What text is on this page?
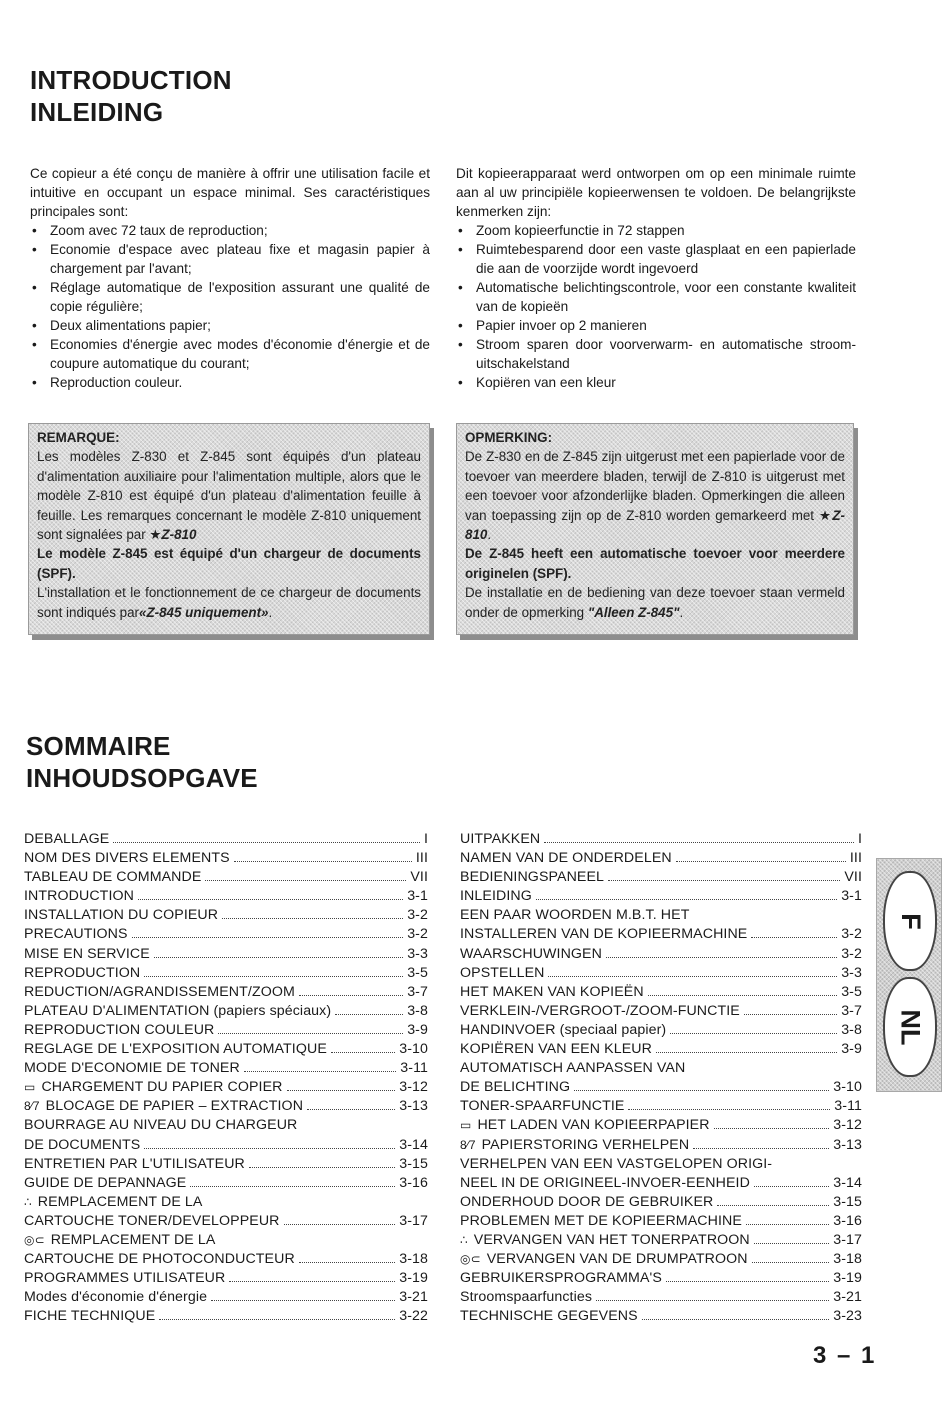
INTRODUCTION
INLEIDING

Ce copieur a été conçu de manière à offrir une utilisation facile et intuitive en occupant un espace minimal. Ses caractéristiques principales sont:

• Zoom avec 72 taux de reproduction;
• Economie d'espace avec plateau fixe et magasin papier à chargement par l'avant;
• Réglage automatique de l'exposition assurant une qualité de copie régulière;
• Deux alimentations papier;
• Economies d'énergie avec modes d'économie d'énergie et de coupure automatique du courant;
• Reproduction couleur.

Dit kopieerapparaat werd ontworpen om op een minimale ruimte aan al uw principiële kopieerwensen te voldoen. De belangrijkste kenmerken zijn:

• Zoom kopieerfunctie in 72 stappen
• Ruimtebesparend door een vaste glasplaat en een papierlade die aan de voorzijde wordt ingevoerd
• Automatische belichtingscontrole, voor een constante kwaliteit van de kopieën
• Papier invoer op 2 manieren
• Stroom sparen door voorverwarm- en automatische stroom-uitschakelstand
• Kopiëren van een kleur
REMARQUE:

Les modèles Z-830 et Z-845 sont équipés d'un plateau d'alimentation auxiliaire pour l'alimentation multiple, alors que le modèle Z-810 est équipé d'un plateau d'alimentation feuille à feuille. Les remarques concernant le modèle Z-810 uniquement sont signalées par ★Z-810

Le modèle Z-845 est équipé d'un chargeur de documents (SPF).

L'installation et le fonctionnement de ce chargeur de documents sont indiqués par«Z-845 uniquement».

OPMERKING:

De Z-830 en de Z-845 zijn uitgerust met een papierlade voor de toevoer van meerdere bladen, terwijl de Z-810 is uitgerust met een toevoer voor afzonderlijke bladen. Opmerkingen die alleen van toepassing zijn op de Z-810 worden gemarkeerd met ★Z-810.

De Z-845 heeft een automatische toevoer voor meerdere originelen (SPF).

De installatie en de bediening van deze toevoer staan vermeld onder de opmerking "Alleen Z-845".

SOMMAIRE
INHOUDSOPGAVE
DEBALLAGE	I
NOM DES DIVERS ELEMENTS	III
TABLEAU DE COMMANDE	VII
INTRODUCTION	3-1
INSTALLATION DU COPIEUR	3-2
PRECAUTIONS	3-2
MISE EN SERVICE	3-3
REPRODUCTION	3-5
REDUCTION/AGRANDISSEMENT/ZOOM	3-7
PLATEAU D'ALIMENTATION (papiers spéciaux)	3-8
REPRODUCTION COULEUR	3-9
REGLAGE DE L'EXPOSITION AUTOMATIQUE	3-10
MODE D'ECONOMIE DE TONER	3-11
▭ CHARGEMENT DU PAPIER COPIER	3-12
8⁄7 BLOCAGE DE PAPIER – EXTRACTION	3-13
BOURRAGE AU NIVEAU DU CHARGEUR
DE DOCUMENTS	3-14
ENTRETIEN PAR L'UTILISATEUR	3-15
GUIDE DE DEPANNAGE	3-16
∴ REMPLACEMENT DE LA
CARTOUCHE TONER/DEVELOPPEUR	3-17
◎⊂ REMPLACEMENT DE LA
CARTOUCHE DE PHOTOCONDUCTEUR	3-18
PROGRAMMES UTILISATEUR	3-19
Modes d'économie d'énergie	3-21
FICHE TECHNIQUE	3-22
UITPAKKEN	I
NAMEN VAN DE ONDERDELEN	III
BEDIENINGSPANEEL	VII
INLEIDING	3-1
EEN PAAR WOORDEN M.B.T. HET
INSTALLEREN VAN DE KOPIEERMACHINE	3-2
WAARSCHUWINGEN	3-2
OPSTELLEN	3-3
HET MAKEN VAN KOPIEËN	3-5
VERKLEIN-/VERGROOT-/ZOOM-FUNCTIE	3-7
HANDINVOER (speciaal papier)	3-8
KOPIËREN VAN EEN KLEUR	3-9
AUTOMATISCH AANPASSEN VAN
DE BELICHTING	3-10
TONER-SPAARFUNCTIE	3-11
▭ HET LADEN VAN KOPIEERPAPIER	3-12
8⁄7 PAPIERSTORING VERHELPEN	3-13
VERHELPEN VAN EEN VASTGELOPEN ORIGI-
NEEL IN DE ORIGINEEL-INVOER-EENHEID	3-14
ONDERHOUD DOOR DE GEBRUIKER	3-15
PROBLEMEN MET DE KOPIEERMACHINE	3-16
∴ VERVANGEN VAN HET TONERPATROON	3-17
◎⊂ VERVANGEN VAN DE DRUMPATROON	3-18
GEBRUIKERSPROGRAMMA'S	3-19
Stroomspaarfuncties	3-21
TECHNISCHE GEGEVENS	3-23
F
NL
3 – 1
